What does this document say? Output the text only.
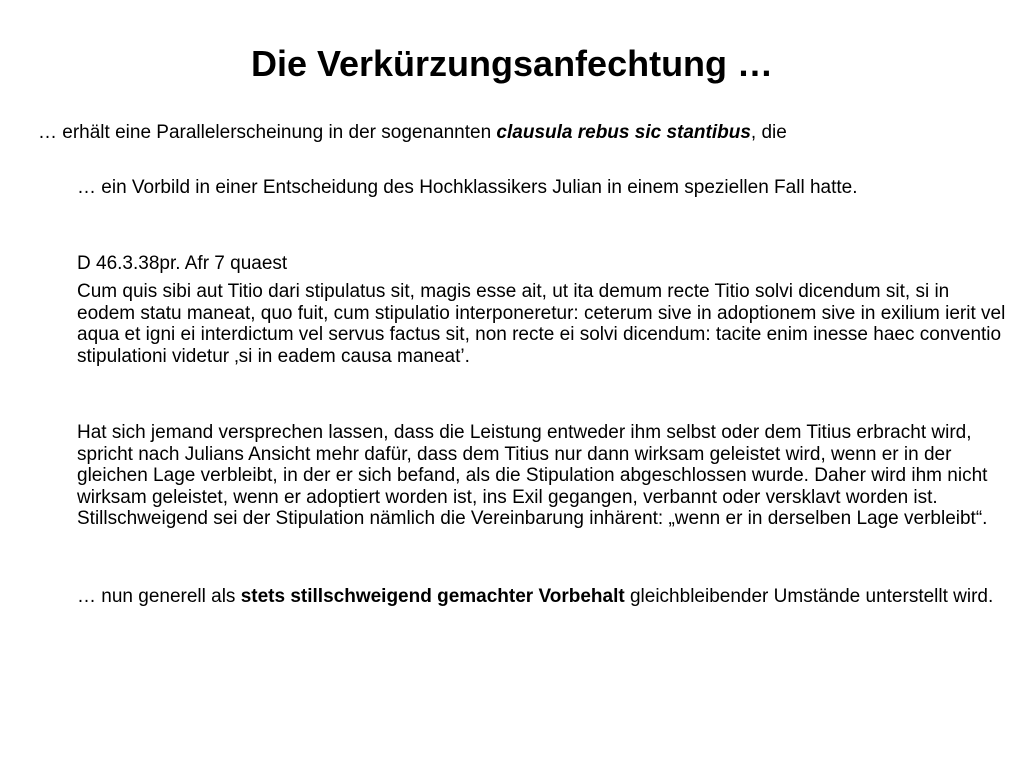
Die Verkürzungsanfechtung …

… erhält eine Parallelerscheinung in der sogenannten clausula rebus sic stantibus, die

… ein Vorbild in einer Entscheidung des Hochklassikers Julian in einem speziellen Fall hatte.

D 46.3.38pr. Afr 7 quaest

Cum quis sibi aut Titio dari stipulatus sit, magis esse ait, ut ita demum recte Titio solvi dicendum sit, si in eodem statu maneat, quo fuit, cum stipulatio interponeretur: ceterum sive in adoptionem sive in exilium ierit vel aqua et igni ei interdictum vel servus factus sit, non recte ei solvi dicendum: tacite enim inesse haec conventio stipulationi videtur ‚si in eadem causa maneat’.

Hat sich jemand versprechen lassen, dass die Leistung entweder ihm selbst oder dem Titius erbracht wird, spricht nach Julians Ansicht mehr dafür, dass dem Titius nur dann wirksam geleistet wird, wenn er in der gleichen Lage verbleibt, in der er sich befand, als die Stipulation abgeschlossen wurde. Daher wird ihm nicht wirksam geleistet, wenn er adoptiert worden ist, ins Exil gegangen, verbannt oder versklavt worden ist. Stillschweigend sei der Stipulation nämlich die Vereinbarung inhärent: „wenn er in derselben Lage verbleibt“.

… nun generell als stets stillschweigend gemachter Vorbehalt gleichbleibender Umstände unterstellt wird.
